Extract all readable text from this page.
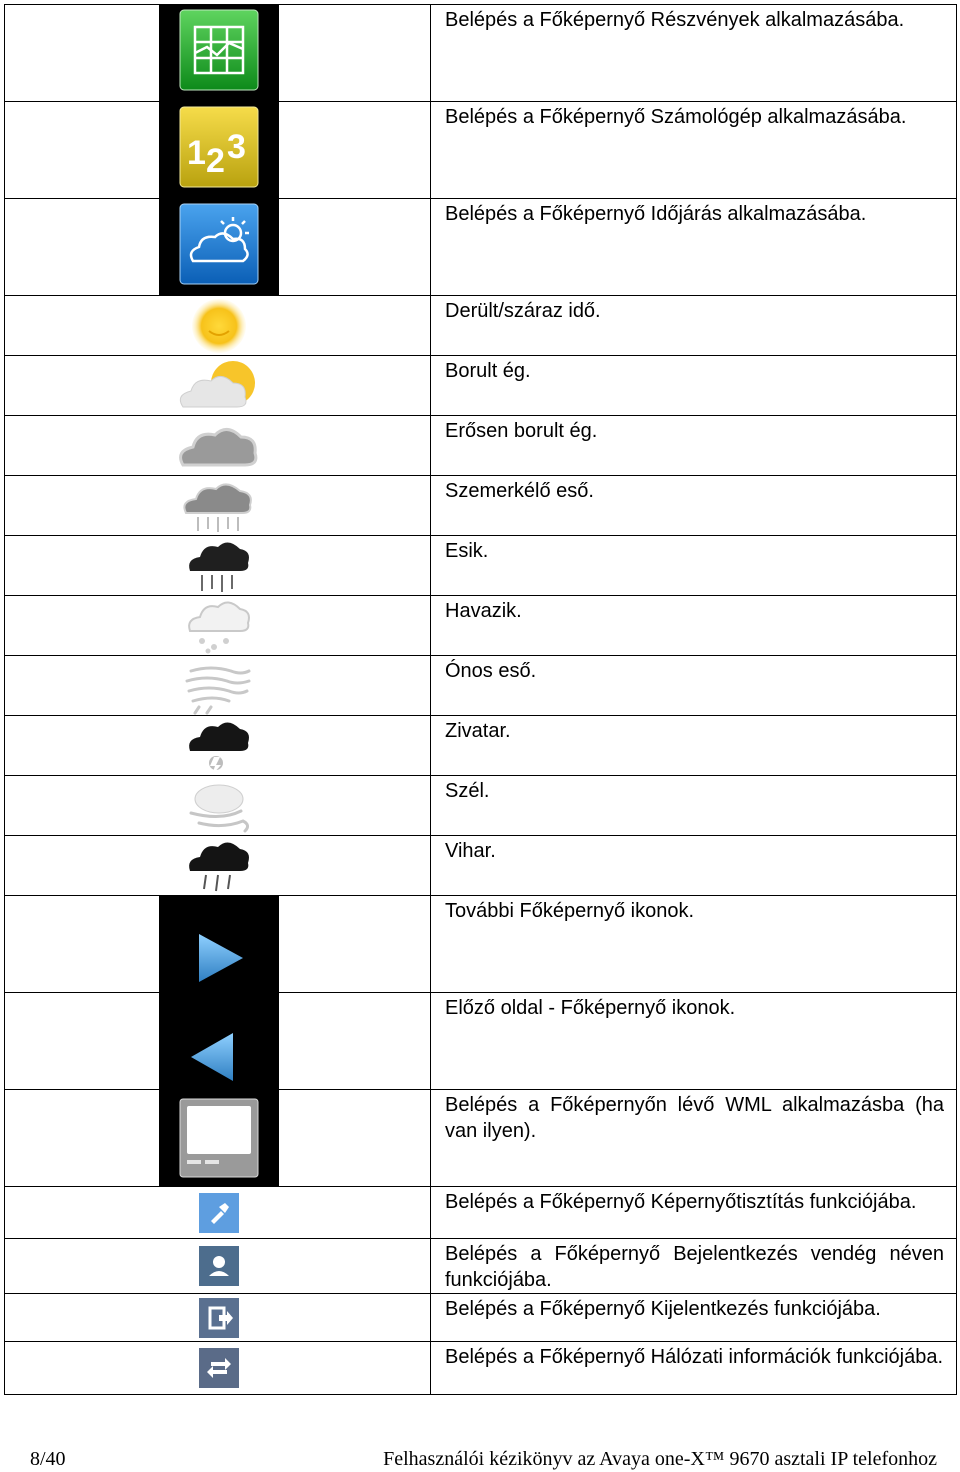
	Belépés a Főképernyő Részvények alkalmazásába.

1 2 3	Belépés a Főképernyő Számológép alkalmazásába.

	Belépés a Főképernyő Időjárás alkalmazásába.

	Derült/száraz idő.

	Borult ég.

	Erősen borult ég.

	Szemerkélő eső.

	Esik.

	Havazik.

	Ónos eső.

	Zivatar.

	Szél.

	Vihar.

	További Főképernyő ikonok.

	Előző oldal - Főképernyő ikonok.

	Belépés a Főképernyőn lévő WML alkalmazásba (ha van ilyen).

	Belépés a Főképernyő Képernyőtisztítás funkciójába.

	Belépés a Főképernyő Bejelentkezés vendég néven funkciójába.

	Belépés a Főképernyő Kijelentkezés funkciójába.

	Belépés a Főképernyő Hálózati információk funkciójába.
8/40	Felhasználói kézikönyv az Avaya one-X™ 9670 asztali IP telefonhoz
